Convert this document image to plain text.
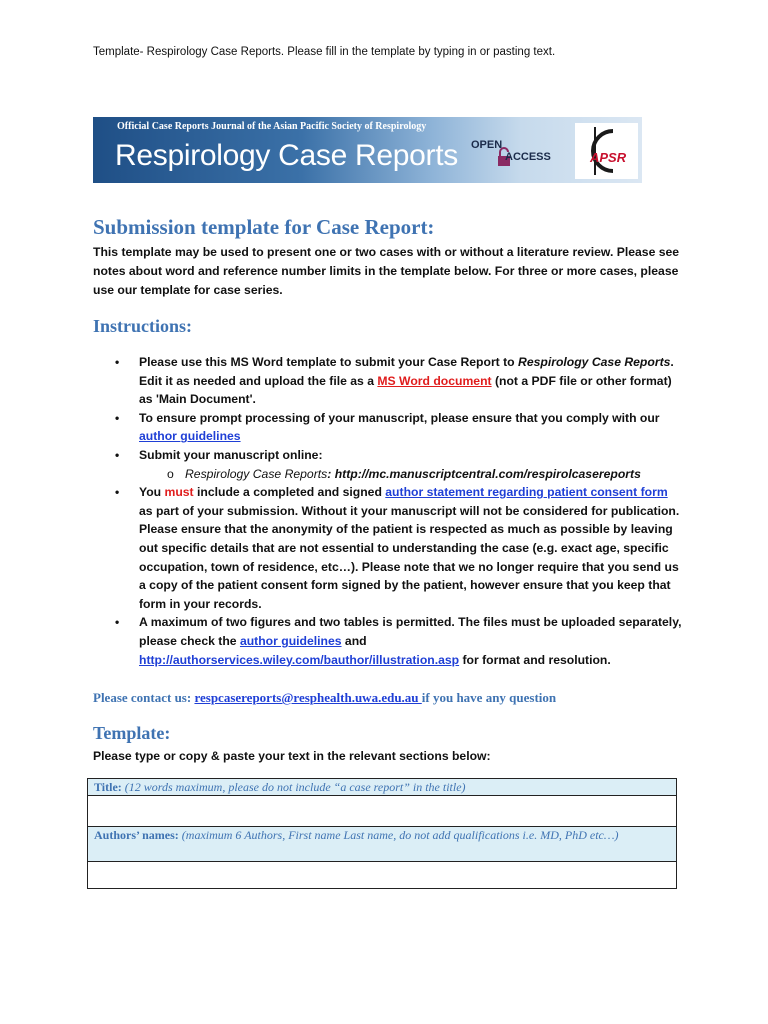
Template- Respirology Case Reports. Please fill in the template by typing in or pasting text.
Official Case Reports Journal of the Asian Pacific Society of Respirology
Respirology Case Reports OPEN
ACCESS	APSR
Submission template for Case Report:
This template may be used to present one or two cases with or without a literature review. Please see notes about word and reference number limits in the template below. For three or more cases, please use our template for case series.
Instructions:
• Please use this MS Word template to submit your Case Report to Respirology Case Reports. Edit it as needed and upload the file as a MS Word document (not a PDF file or other format) as 'Main Document'.
• To ensure prompt processing of your manuscript, please ensure that you comply with our author guidelines
• Submit your manuscript online:
o Respirology Case Reports: http://mc.manuscriptcentral.com/respirolcasereports
• You must include a completed and signed author statement regarding patient consent form as part of your submission. Without it your manuscript will not be considered for publication. Please ensure that the anonymity of the patient is respected as much as possible by leaving out specific details that are not essential to understanding the case (e.g. exact age, specific occupation, town of residence, etc…). Please note that we no longer require that you send us a copy of the patient consent form signed by the patient, however ensure that you keep that form in your records.
• A maximum of two figures and two tables is permitted. The files must be uploaded separately, please check the author guidelines and http://authorservices.wiley.com/bauthor/illustration.asp for format and resolution.
Please contact us: respcasereports@resphealth.uwa.edu.au if you have any question
Template:
Please type or copy & paste your text in the relevant sections below:
Title: (12 words maximum, please do not include “a case report” in the title)

Authors’ names: (maximum 6 Authors, First name Last name, do not add qualifications i.e. MD, PhD etc…)
